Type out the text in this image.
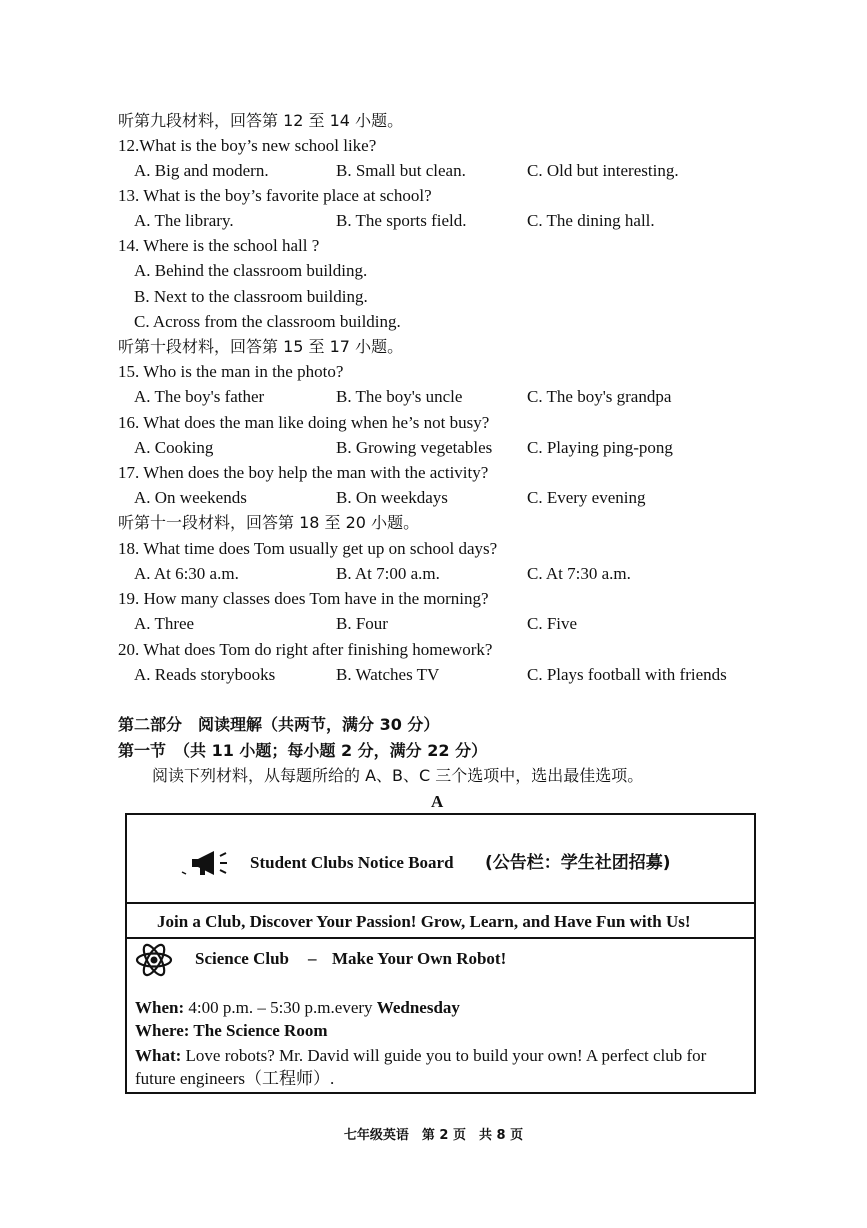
听第九段材料，回答第 12 至 14 小题。
12.What is the boy’s new school like?
A. Big and modern.	B. Small but clean.	C. Old but interesting.
13. What is the boy’s favorite place at school?
A. The library.	B. The sports field.	C. The dining hall.
14. Where is the school hall ?
A. Behind the classroom building.
B. Next to the classroom building.
C. Across from the classroom building.
听第十段材料，回答第 15 至 17 小题。
15. Who is the man in the photo?
A. The boy's father	B. The boy's uncle	C. The boy's grandpa
16. What does the man like doing when he’s not busy?
A. Cooking	B. Growing vegetables C. Playing ping-pong
17. When does the boy help the man with the activity?
A. On weekends	B. On weekdays	C. Every evening
听第十一段材料，回答第 18 至 20 小题。
18. What time does Tom usually get up on school days?
A. At 6:30 a.m.	B. At 7:00 a.m.	C. At 7:30 a.m.
19. How many classes does Tom have in the morning?
A. Three	B. Four	C. Five
20. What does Tom do right after finishing homework?
A. Reads storybooks	B. Watches TV	C. Plays football with friends
第二部分　阅读理解（共两节，满分 30 分）
第一节　（共 11 小题；每小题 2 分，满分 22 分）
阅读下列材料，从每题所给的 A、B、C 三个选项中，选出最佳选项。
A
Student Clubs Notice Board (公告栏：学生社团招募)
Join a Club, Discover Your Passion! Grow, Learn, and Have Fun with Us!
Science Club – Make Your Own Robot!
When: 4:00 p.m. – 5:30 p.m.every Wednesday
Where: The Science Room
What: Love robots? Mr. David will guide you to build your own! A perfect club for
future engineers（工程师）.
七年级英语　第 2 页　共 8 页
